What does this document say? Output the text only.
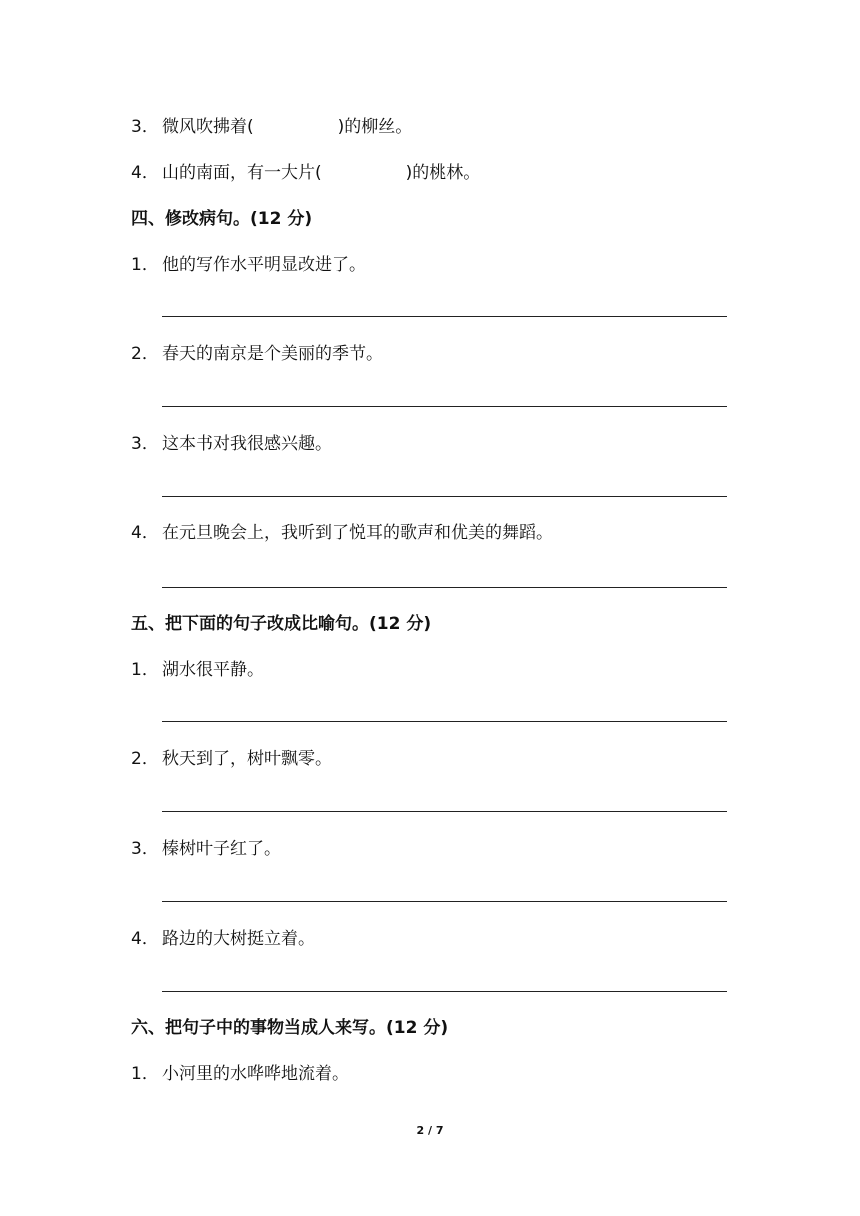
3． 微风吹拂着(	)的柳丝。
4． 山的南面，有一大片(	)的桃林。
四、修改病句。(12 分)
1． 他的写作水平明显改进了。
2． 春天的南京是个美丽的季节。
3． 这本书对我很感兴趣。
4． 在元旦晚会上，我听到了悦耳的歌声和优美的舞蹈。
五、把下面的句子改成比喻句。(12 分)
1． 湖水很平静。
2． 秋天到了，树叶飘零。
3． 榛树叶子红了。
4． 路边的大树挺立着。
六、把句子中的事物当成人来写。(12 分)
1． 小河里的水哗哗地流着。
2 / 7
